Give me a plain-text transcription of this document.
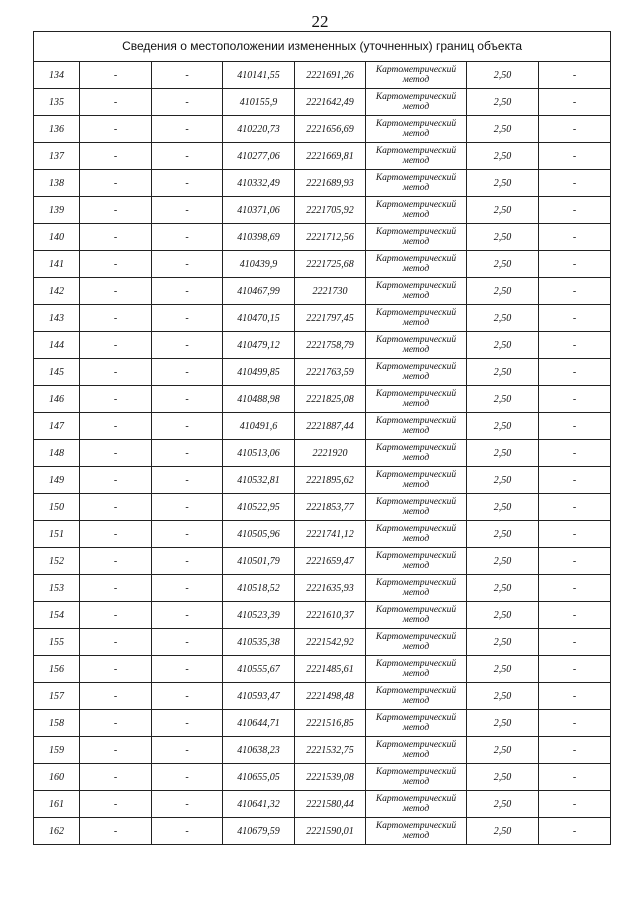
22
Сведения о местоположении измененных (уточненных) границ объекта							
134	-	-	410141,55	2221691,26	Картометрический метод	2,50	-
135	-	-	410155,9	2221642,49	Картометрический метод	2,50	-
136	-	-	410220,73	2221656,69	Картометрический метод	2,50	-
137	-	-	410277,06	2221669,81	Картометрический метод	2,50	-
138	-	-	410332,49	2221689,93	Картометрический метод	2,50	-
139	-	-	410371,06	2221705,92	Картометрический метод	2,50	-
140	-	-	410398,69	2221712,56	Картометрический метод	2,50	-
141	-	-	410439,9	2221725,68	Картометрический метод	2,50	-
142	-	-	410467,99	2221730	Картометрический метод	2,50	-
143	-	-	410470,15	2221797,45	Картометрический метод	2,50	-
144	-	-	410479,12	2221758,79	Картометрический метод	2,50	-
145	-	-	410499,85	2221763,59	Картометрический метод	2,50	-
146	-	-	410488,98	2221825,08	Картометрический метод	2,50	-
147	-	-	410491,6	2221887,44	Картометрический метод	2,50	-
148	-	-	410513,06	2221920	Картометрический метод	2,50	-
149	-	-	410532,81	2221895,62	Картометрический метод	2,50	-
150	-	-	410522,95	2221853,77	Картометрический метод	2,50	-
151	-	-	410505,96	2221741,12	Картометрический метод	2,50	-
152	-	-	410501,79	2221659,47	Картометрический метод	2,50	-
153	-	-	410518,52	2221635,93	Картометрический метод	2,50	-
154	-	-	410523,39	2221610,37	Картометрический метод	2,50	-
155	-	-	410535,38	2221542,92	Картометрический метод	2,50	-
156	-	-	410555,67	2221485,61	Картометрический метод	2,50	-
157	-	-	410593,47	2221498,48	Картометрический метод	2,50	-
158	-	-	410644,71	2221516,85	Картометрический метод	2,50	-
159	-	-	410638,23	2221532,75	Картометрический метод	2,50	-
160	-	-	410655,05	2221539,08	Картометрический метод	2,50	-
161	-	-	410641,32	2221580,44	Картометрический метод	2,50	-
162	-	-	410679,59	2221590,01	Картометрический метод	2,50	-
